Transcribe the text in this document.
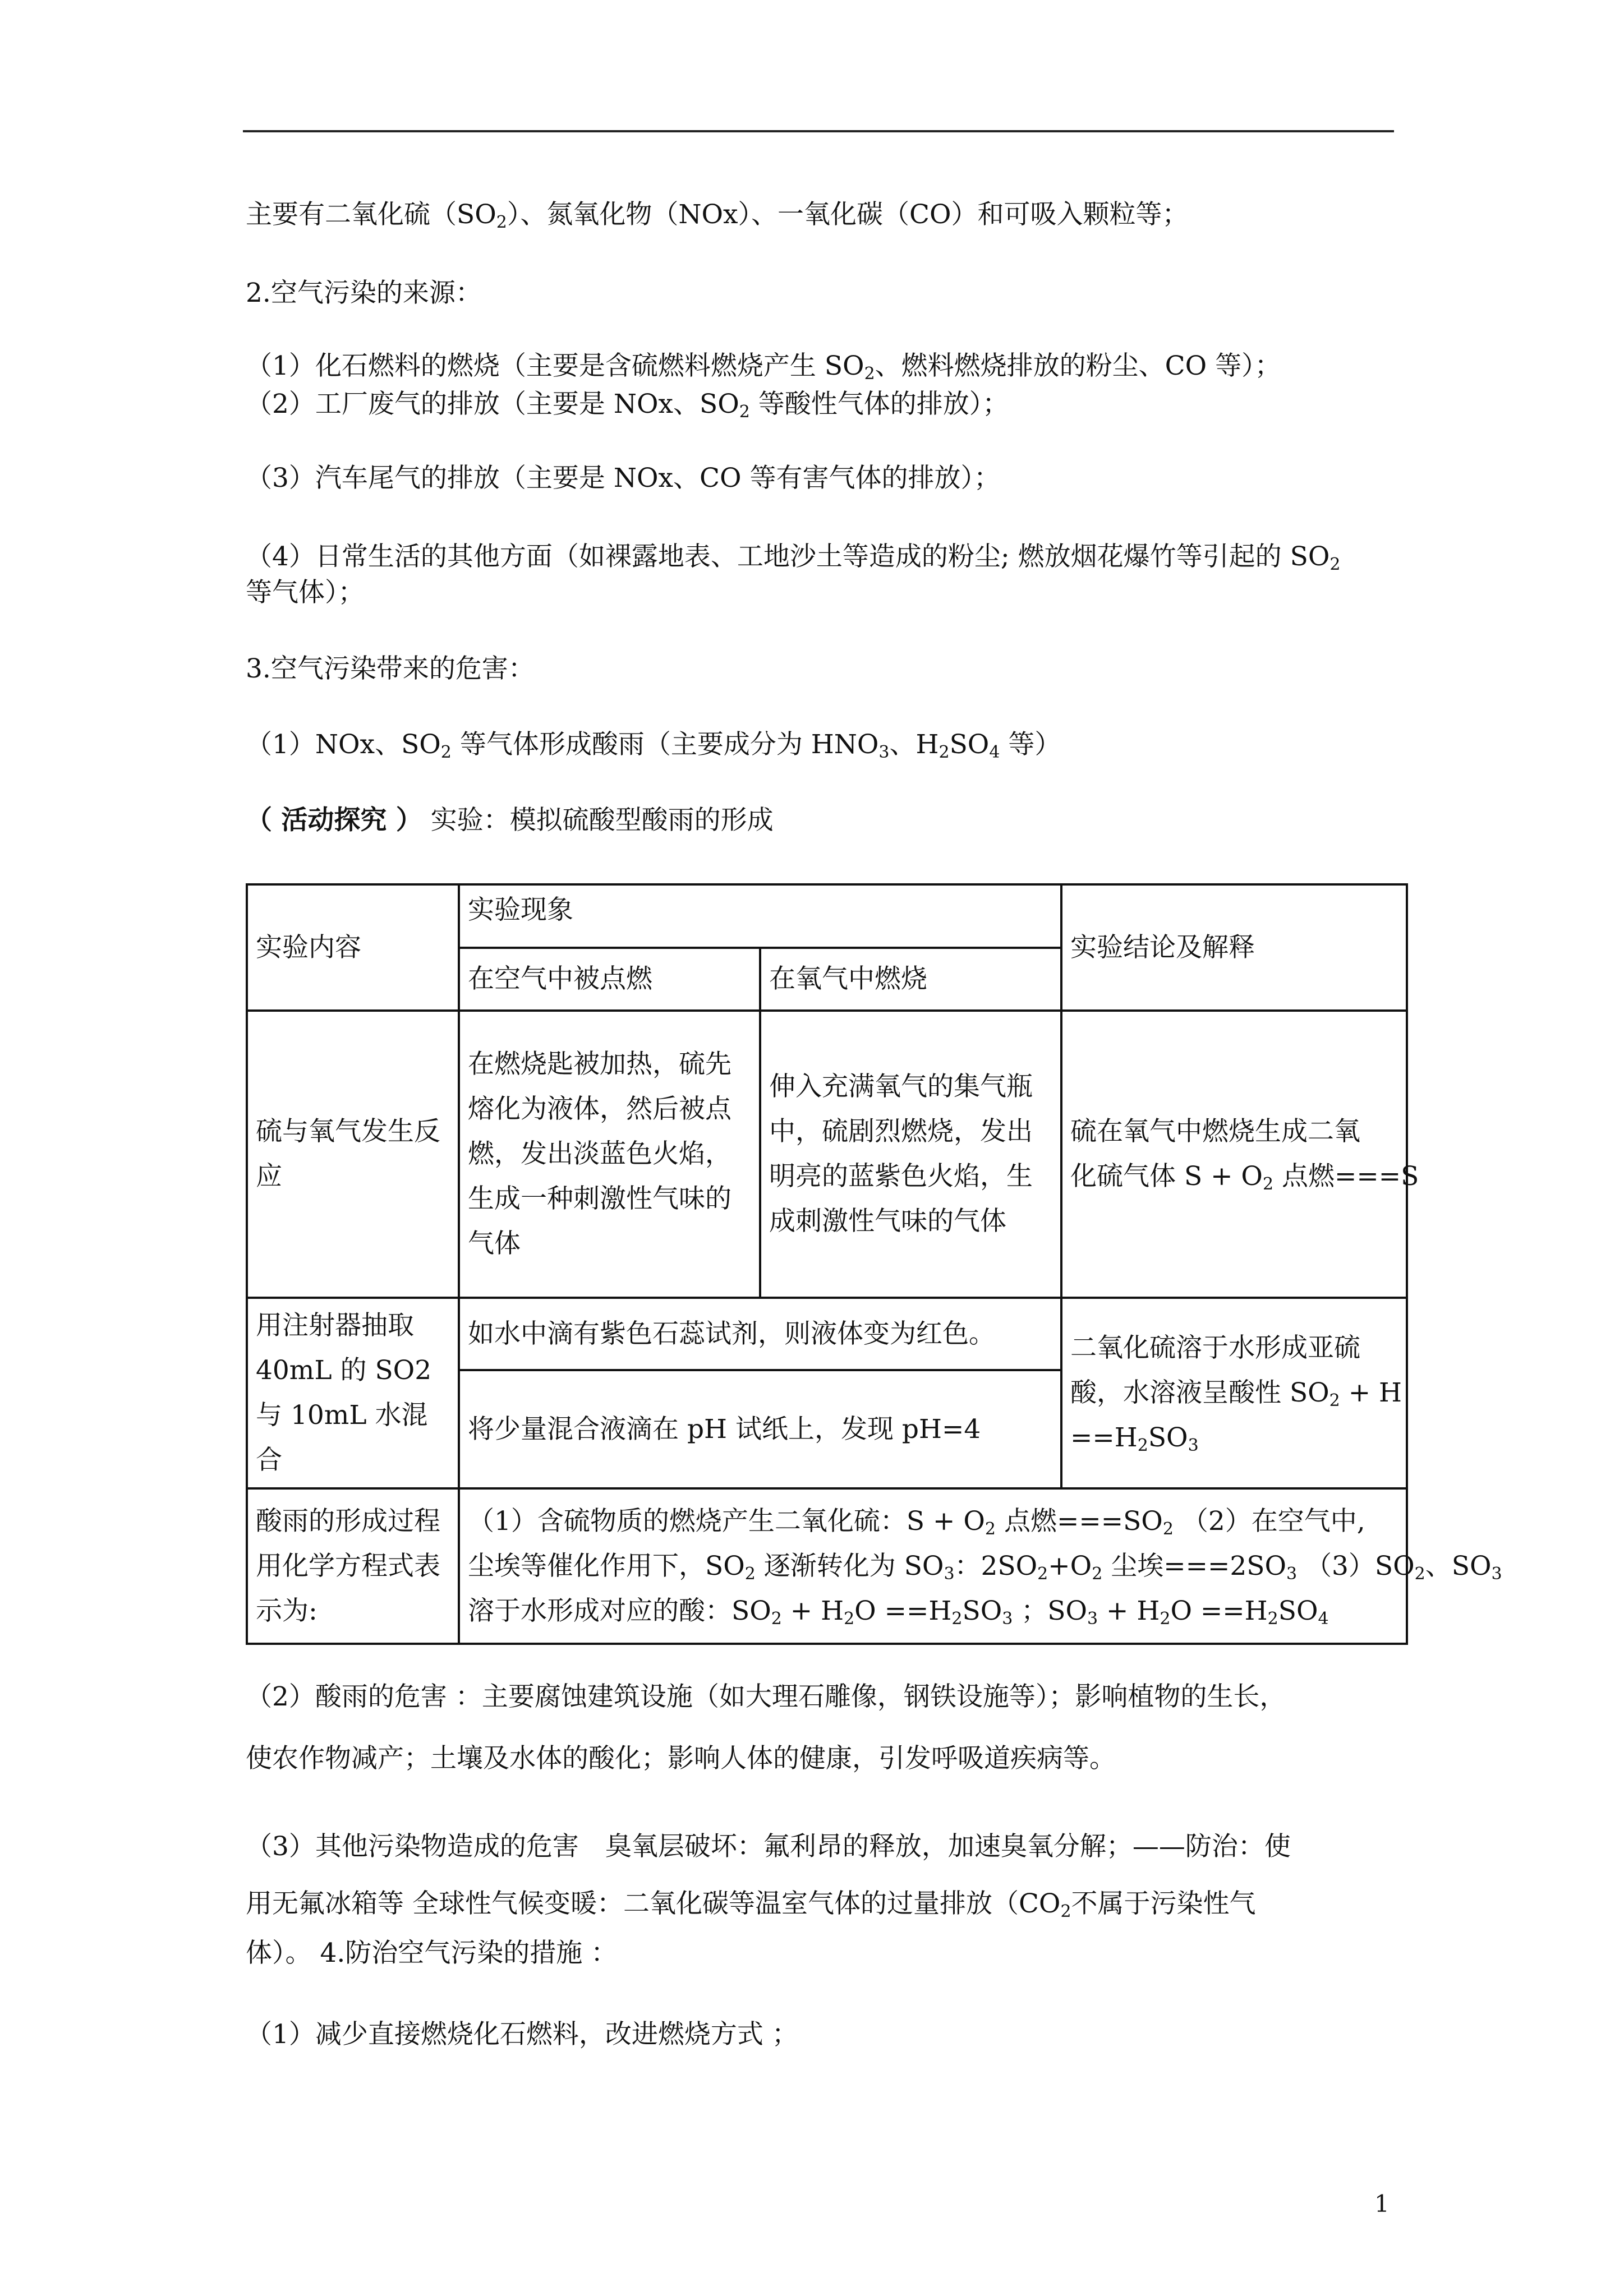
主要有二氧化硫$(SO_2)$、氮氧化物（NOx）、一氧化碳（CO）和可吸入颗粒等；
2.空气污染的来源：
（1）化石燃料的燃烧（主要是含硫燃料燃烧产生 $SO_2$、燃料燃烧排放的粉尘、CO 等）；
（2）工厂废气的排放（主要是 NOx、$SO_2$ 等酸性气体的排放）；
（3）汽车尾气的排放（主要是 NOx、CO 等有害气体的排放）；
（4）日常生活的其他方面（如裸露地表、工地沙土等造成的粉尘; 燃放烟花爆竹等引起的 $SO_2$
等气体）；
3.空气污染带来的危害：
（1）NOx、$SO_2$ 等气体形成酸雨（主要成分为 $HNO_3$、$H_2SO_4$ 等）
（ 活动探究 ） 实验：模拟硫酸型酸雨的形成
实验内容	实验现象		实验结论及解释
	在空气中被点燃	在氧气中燃烧	
硫与氧气发生反应	在燃烧匙被加热，硫先熔化为液体，然后被点燃，发出淡蓝色火焰，生成一种刺激性气味的气体	伸入充满氧气的集气瓶中，硫剧烈燃烧，发出明亮的蓝紫色火焰，生成刺激性气味的气体	硫在氧气中燃烧生成二氧
化硫气体 $S + O_2$ 点燃===S
用注射器抽取 40mL 的 SO2 与 10mL 水混合	如水中滴有紫色石蕊试剂，则液体变为红色。		二氧化硫溶于水形成亚硫
酸，水溶液呈酸性 $SO_2 + H$
$==H_2SO_3$
	将少量混合液滴在 pH 试纸上，发现 pH=4		
酸雨的形成过程用化学方程式表示为:	（1）含硫物质的燃烧产生二氧化硫：$S + O_2$ 点燃$===SO_2$ （2）在空气中,
尘埃等催化作用下，$SO_2$ 逐渐转化为 $SO_3$：$2SO_2+O_2$ 尘埃$===2SO_3$ $(3)SO_2$、$SO_3$
溶于水形成对应的酸：$SO_2 + H_2O ==H_2SO_3$ ；$SO_3 + H_2O ==H_2SO_4$
（2）酸雨的危害 ：主要腐蚀建筑设施（如大理石雕像，钢铁设施等）；影响植物的生长，
使农作物减产；土壤及水体的酸化；影响人体的健康，引发呼吸道疾病等。
（3）其他污染物造成的危害　臭氧层破坏：氟利昂的释放，加速臭氧分解；——防治：使
用无氟冰箱等 全球性气候变暖：二氧化碳等温室气体的过量排放（$CO_2$不属于污染性气
体）。 4.防治空气污染的措施 ：
（1）减少直接燃烧化石燃料，改进燃烧方式 ；
1
